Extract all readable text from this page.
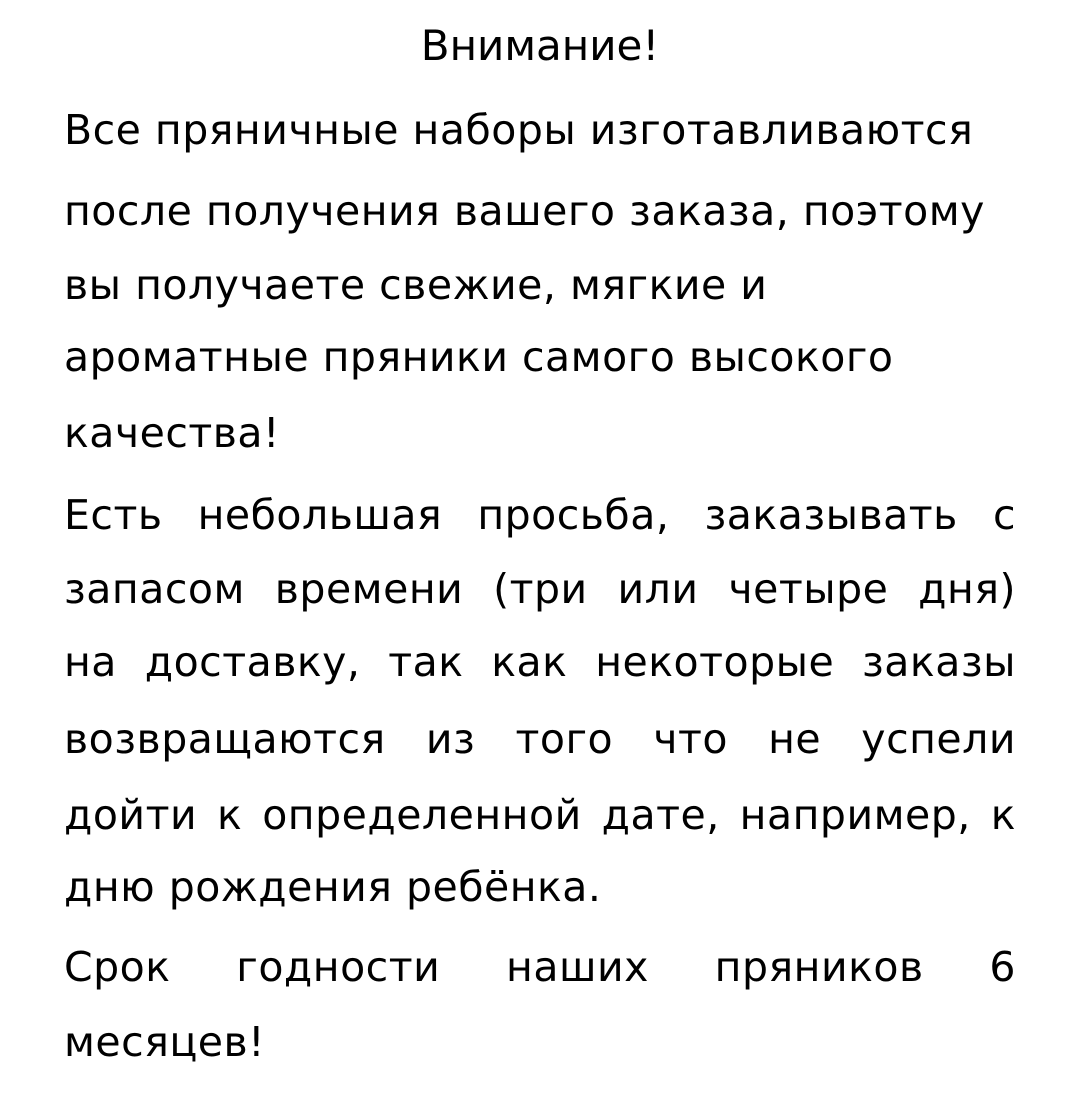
Внимание!
Все пряничные наборы изготавливаются
после получения вашего заказа, поэтому
вы получаете свежие, мягкие и
ароматные пряники самого высокого
качества!
Есть небольшая просьба, заказывать с
запасом времени (три или четыре дня)
на доставку, так как некоторые заказы
возвращаются из того что не успели
дойти к определенной дате, например, к
дню рождения ребёнка.
Срок годности наших пряников 6
месяцев!
